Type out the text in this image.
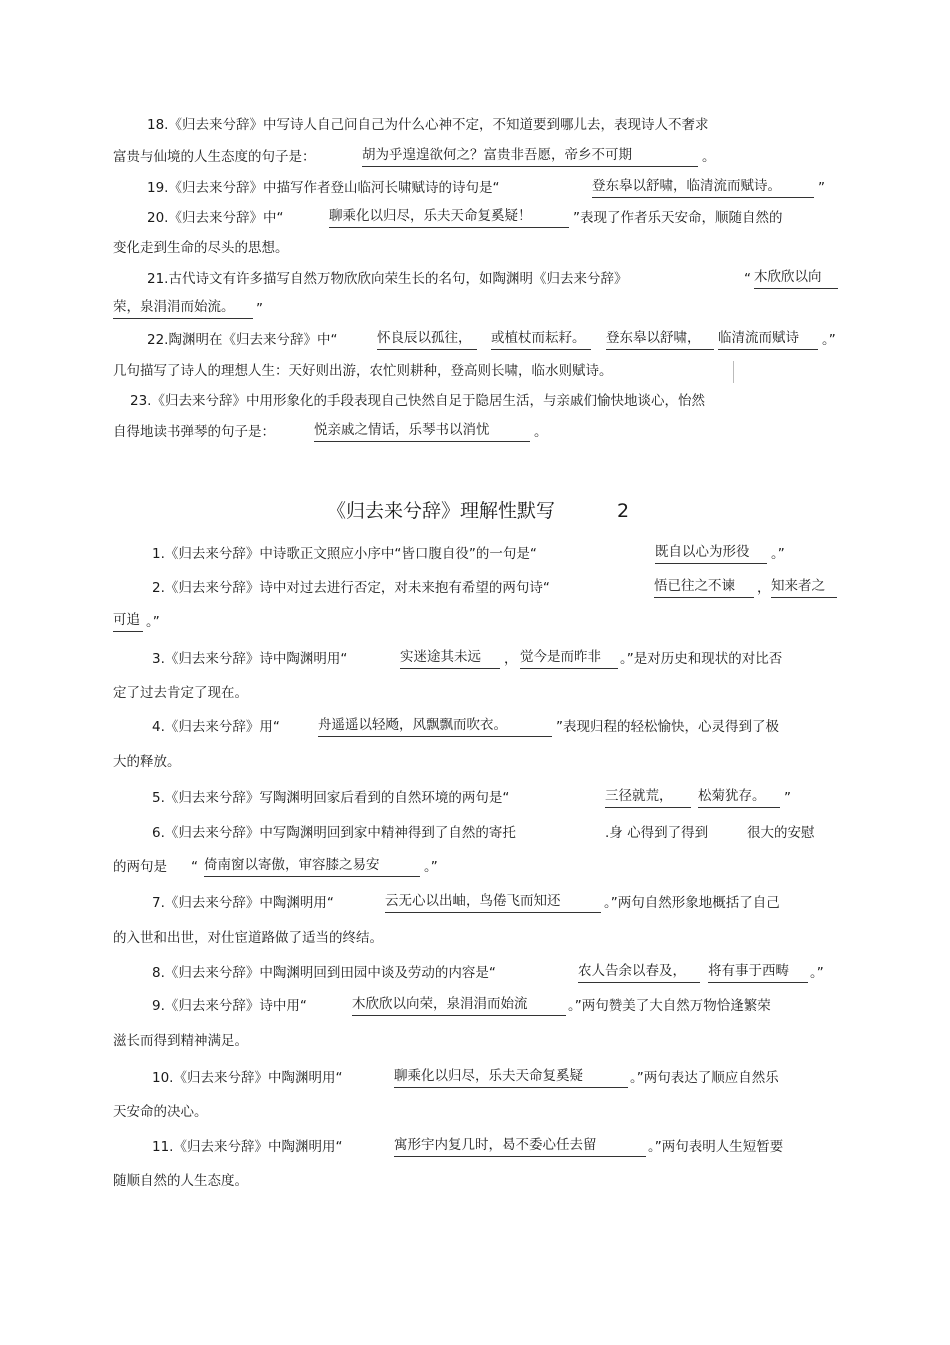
18.《归去来兮辞》中写诗人自己问自己为什么心神不定，不知道要到哪儿去，表现诗人不奢求
富贵与仙境的人生态度的句子是：	胡为乎遑遑欲何之？富贵非吾愿，帝乡不可期	。
19.《归去来兮辞》中描写作者登山临河长啸赋诗的诗句是“	登东皋以舒啸，临清流而赋诗。	”
20.《归去来兮辞》中“	聊乘化以归尽，乐夫天命复奚疑！	”表现了作者乐天安命，顺随自然的
变化走到生命的尽头的思想。
21.古代诗文有许多描写自然万物欣欣向荣生长的名句，如陶渊明《归去来兮辞》	“ 木欣欣以向
荣，泉涓涓而始流。	”
22.陶渊明在《归去来兮辞》中“	怀良辰以孤往，	或植杖而耘耔。	登东皋以舒啸，	临清流而赋诗	。”
几句描写了诗人的理想人生：天好则出游，农忙则耕种，登高则长啸，临水则赋诗。
23.《归去来兮辞》中用形象化的手段表现自己快然自足于隐居生活，与亲戚们愉快地谈心，怡然
自得地读书弹琴的句子是：	悦亲戚之情话，乐琴书以消忧	。
《归去来兮辞》理解性默写	2
1.《归去来兮辞》中诗歌正文照应小序中“皆口腹自役”的一句是“	既自以心为形役	。”
2.《归去来兮辞》诗中对过去进行否定，对未来抱有希望的两句诗“	悟已往之不谏	， 知来者之
可追 。”
3.《归去来兮辞》诗中陶渊明用“	实迷途其未远	， 觉今是而昨非	。”是对历史和现状的对比否
定了过去肯定了现在。
4.《归去来兮辞》用“	舟遥遥以轻飏，风飘飘而吹衣。	”表现归程的轻松愉快，心灵得到了极
大的释放。
5.《归去来兮辞》写陶渊明回家后看到的自然环境的两句是“	三径就荒，	松菊犹存。	”
6.《归去来兮辞》中写陶渊明回到家中精神得到了自然的寄托	.身 心得到了得到	很大的安慰
的两句是 “ 倚南窗以寄傲，审容膝之易安	。”
7.《归去来兮辞》中陶渊明用“	云无心以出岫，鸟倦飞而知还	。”两句自然形象地概括了自己
的入世和出世，对仕宦道路做了适当的终结。
8.《归去来兮辞》中陶渊明回到田园中谈及劳动的内容是“	农人告余以春及，	将有事于西畴	。”
9.《归去来兮辞》诗中用“	木欣欣以向荣，泉涓涓而始流	。”两句赞美了大自然万物恰逢繁荣
滋长而得到精神满足。
10.《归去来兮辞》中陶渊明用“	聊乘化以归尽，乐夫天命复奚疑	。”两句表达了顺应自然乐
天安命的决心。
11.《归去来兮辞》中陶渊明用“	寓形宇内复几时，曷不委心任去留	。”两句表明人生短暂要
随顺自然的人生态度。
